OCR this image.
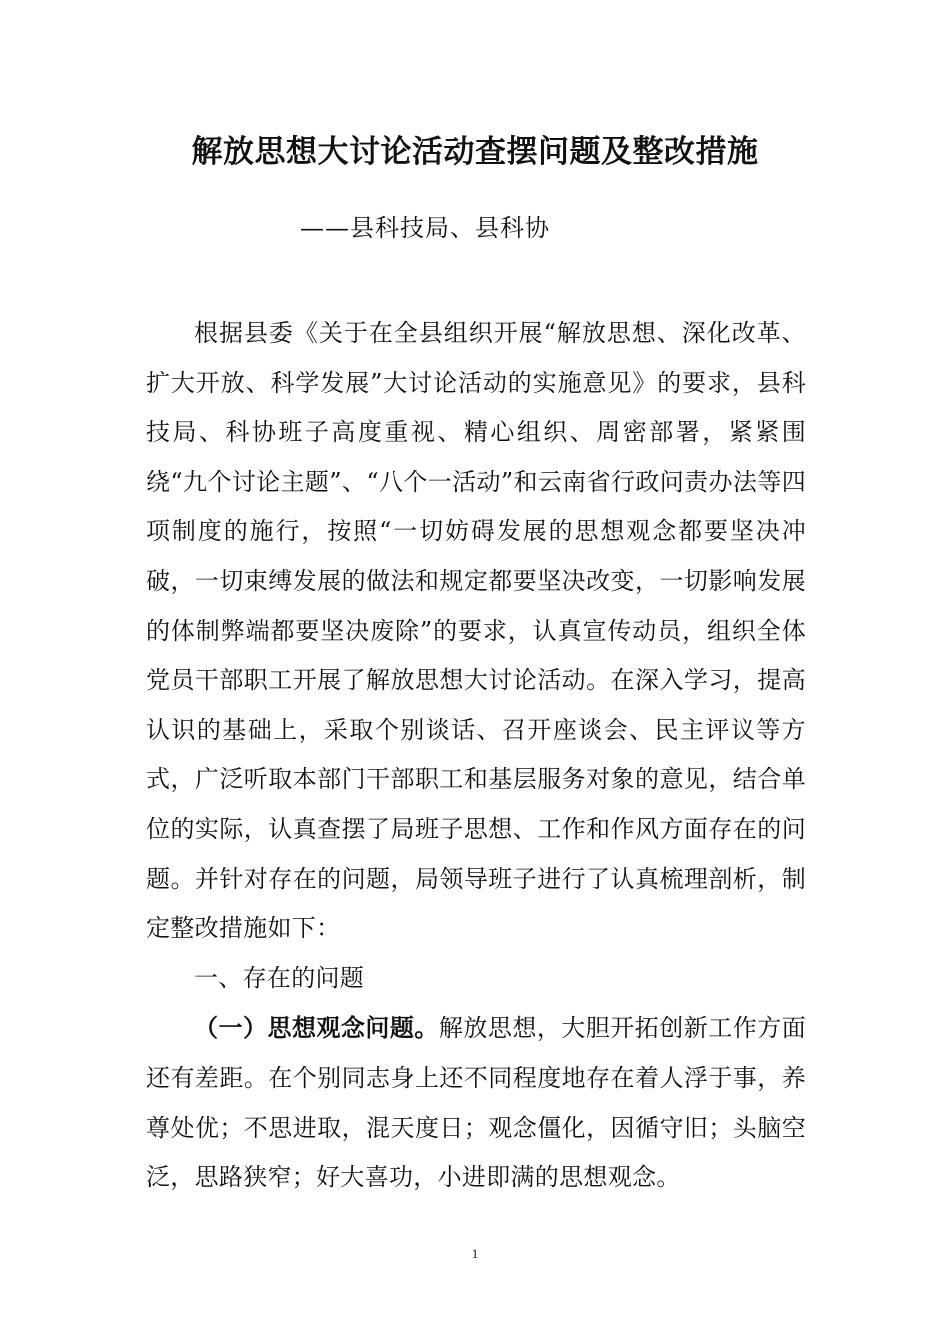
解放思想大讨论活动查摆问题及整改措施
——县科技局、县科协

根据县委《关于在全县组织开展“解放思想、深化改革、扩大开放、科学发展”大讨论活动的实施意见》的要求，县科技局、科协班子高度重视、精心组织、周密部署，紧紧围绕“九个讨论主题”、“八个一活动”和云南省行政问责办法等四项制度的施行，按照“一切妨碍发展的思想观念都要坚决冲破，一切束缚发展的做法和规定都要坚决改变，一切影响发展的体制弊端都要坚决废除”的要求，认真宣传动员，组织全体党员干部职工开展了解放思想大讨论活动。在深入学习，提高认识的基础上，采取个别谈话、召开座谈会、民主评议等方式，广泛听取本部门干部职工和基层服务对象的意见，结合单位的实际，认真查摆了局班子思想、工作和作风方面存在的问题。并针对存在的问题，局领导班子进行了认真梳理剖析，制定整改措施如下：

一、存在的问题

（一）思想观念问题。解放思想，大胆开拓创新工作方面还有差距。在个别同志身上还不同程度地存在着人浮于事，养尊处优；不思进取，混天度日；观念僵化，因循守旧；头脑空泛，思路狭窄；好大喜功，小进即满的思想观念。

1
